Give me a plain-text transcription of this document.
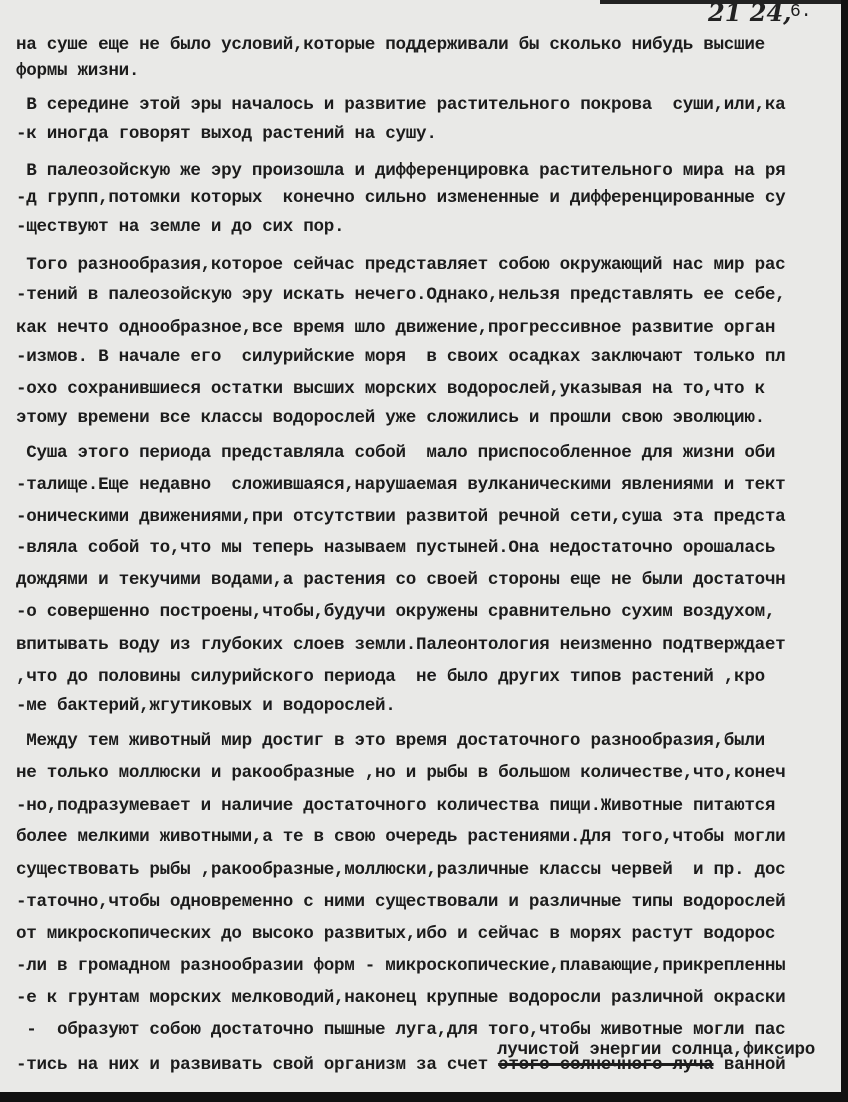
21 24,
6.
на суше еще не было условий,которые поддерживали бы сколько нибудь высшие
формы жизни.
В середине этой эры началось и развитие растительного покрова  суши,или,ка
-к иногда говорят выход растений на сушу.
В палеозойскую же эру произошла и дифференцировка растительного мира на ря
-д групп,потомки которых  конечно сильно измененные и дифференцированные су
-ществуют на земле и до сих пор.
Того разнообразия,которое сейчас представляет собою окружающий нас мир рас
-тений в палеозойскую эру искать нечего.Однако,нельзя представлять ее себе,
как нечто однообразное,все время шло движение,прогрессивное развитие орган
-измов. В начале его  силурийские моря  в своих осадках заключают только пл
-охо сохранившиеся остатки высших морских водорослей,указывая на то,что к
этому времени все классы водорослей уже сложились и прошли свою эволюцию.
Суша этого периода представляла собой  мало приспособленное для жизни оби
-талище.Еще недавно  сложившаяся,нарушаемая вулканическими явлениями и тект
-оническими движениями,при отсутствии развитой речной сети,суша эта предста
-вляла собой то,что мы теперь называем пустыней.Она недостаточно орошалась
дождями и текучими водами,а растения со своей стороны еще не были достаточн
-о совершенно построены,чтобы,будучи окружены сравнительно сухим воздухом,
впитывать воду из глубоких слоев земли.Палеонтология неизменно подтверждает
,что до половины силурийского периода  не было других типов растений ,кро
-ме бактерий,жгутиковых и водорослей.
Между тем животный мир достиг в это время достаточного разнообразия,были
не только моллюски и ракообразные ,но и рыбы в большом количестве,что,конеч
-но,подразумевает и наличие достаточного количества пищи.Животные питаются
более мелкими животными,а те в свою очередь растениями.Для того,чтобы могли
существовать рыбы ,ракообразные,моллюски,различные классы червей  и пр. дос
-таточно,чтобы одновременно с ними существовали и различные типы водорослей
от микроскопических до высоко развитых,ибо и сейчас в морях растут водорос
-ли в громадном разнообразии форм - микроскопические,плавающие,прикрепленны
-е к грунтам морских мелководий,наконец крупные водоросли различной окраски
-  образуют собою достаточно пышные луга,для того,чтобы животные могли пас
лучистой энергии солнца,фиксиро
-тись на них и развивать свой организм за счет этого солнечного луча ванной
